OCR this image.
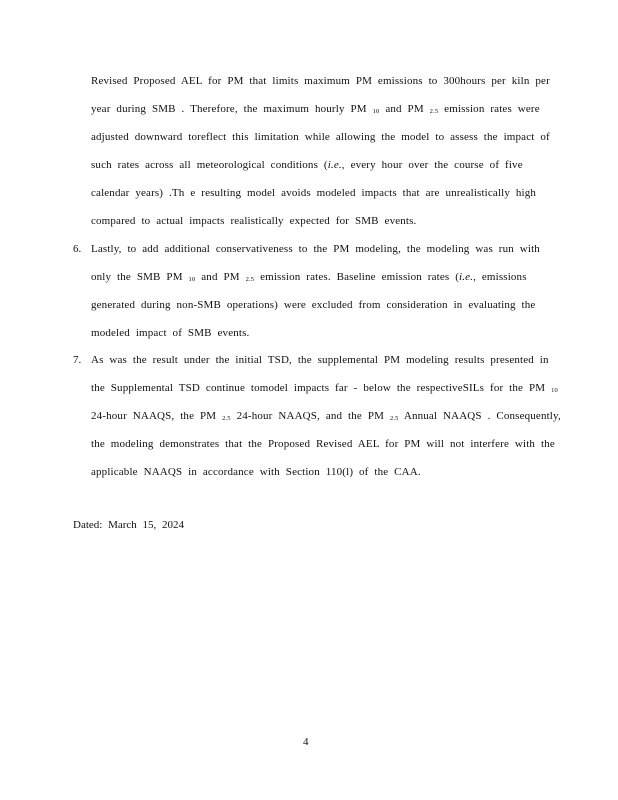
Revised Proposed AEL for PM that limits maximum PM emissions to 300hours per kiln per
year during SMB . Therefore, the maximum hourly PM $_{10}$ and PM $_{2.5}$ emission rates were
adjusted downward toreflect this limitation while allowing the model to assess the impact of
such rates across all meteorological conditions (i.e., every hour over the course of five
calendar years) .Th e resulting model avoids modeled impacts that are unrealistically high
compared to actual impacts realistically expected for SMB events.
6. Lastly, to add additional conservativeness to the PM modeling, the modeling was run with
only the SMB PM $_{10}$ and PM $_{2.5}$ emission rates. Baseline emission rates (i.e., emissions
generated during non-SMB operations) were excluded from consideration in evaluating the
modeled impact of SMB events.
7. As was the result under the initial TSD, the supplemental PM modeling results presented in
the Supplemental TSD continue tomodel impacts far - below the respectiveSILs for the PM $_{10}$
24-hour NAAQS, the PM $_{2.5}$ 24-hour NAAQS, and the PM $_{2.5}$ Annual NAAQS . Consequently,
the modeling demonstrates that the Proposed Revised AEL for PM will not interfere with the
applicable NAAQS in accordance with Section 110(l) of the CAA.
Dated: March 15, 2024
4
